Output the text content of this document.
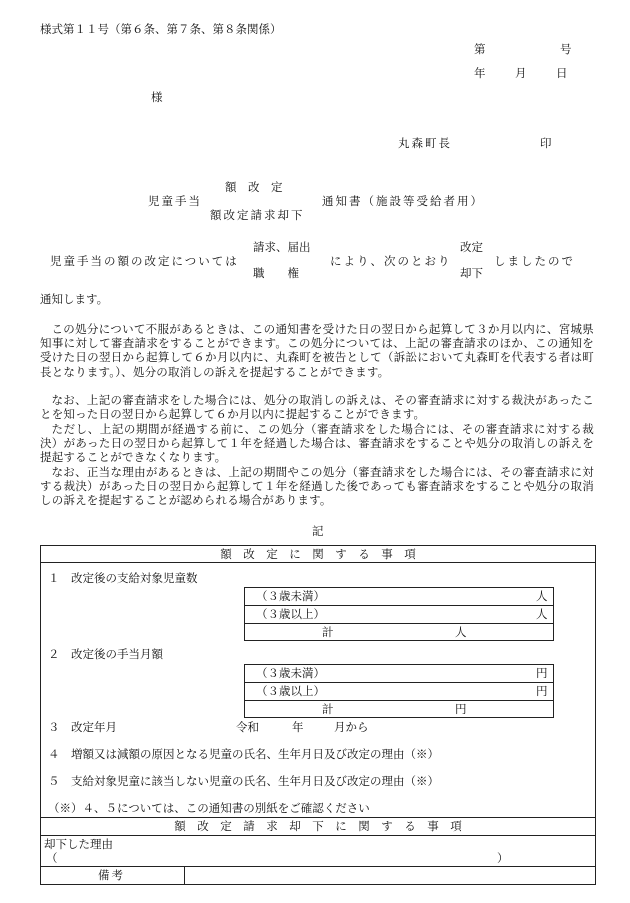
様式第１１号（第６条、第７条、第８条関係）
第	号
年	月	日
様
丸森町長	印
額　改　定
児童手当	通知書（施設等受給者用）
額改定請求却下
請求、届出	改定
児童手当の額の改定については	により、次のとおり	しましたので
職　　権	却下
通知します。
この処分について不服があるときは、この通知書を受けた日の翌日から起算して３か月以内に、宮城県知事に対して審査請求をすることができます。この処分については、上記の審査請求のほか、この通知を受けた日の翌日から起算して６か月以内に、丸森町を被告として（訴訟において丸森町を代表する者は町長となります。）、処分の取消しの訴えを提起することができます。
なお、上記の審査請求をした場合には、処分の取消しの訴えは、その審査請求に対する裁決があったことを知った日の翌日から起算して６か月以内に提起することができます。
ただし、上記の期間が経過する前に、この処分（審査請求をした場合には、その審査請求に対する裁決）があった日の翌日から起算して１年を経過した場合は、審査請求をすることや処分の取消しの訴えを提起することができなくなります。
なお、正当な理由があるときは、上記の期間やこの処分（審査請求をした場合には、その審査請求に対する裁決）があった日の翌日から起算して１年を経過した後であっても審査請求をすることや処分の取消しの訴えを提起することが認められる場合があります。
記
額　改　定　に　関　す　る　事　項
１　改定後の支給対象児童数
（３歳未満）	人
（３歳以上）	人
計	人
２　改定後の手当月額
（３歳未満）	円
（３歳以上）	円
計	円
３　改定年月	令和	年	月から
４　増額又は減額の原因となる児童の氏名、生年月日及び改定の理由（※）
５　支給対象児童に該当しない児童の氏名、生年月日及び改定の理由（※）
（※）４、５については、この通知書の別紙をご確認ください
額　改　定　請　求　却　下　に　関　す　る　事　項
却下した理由
（	）
備考
